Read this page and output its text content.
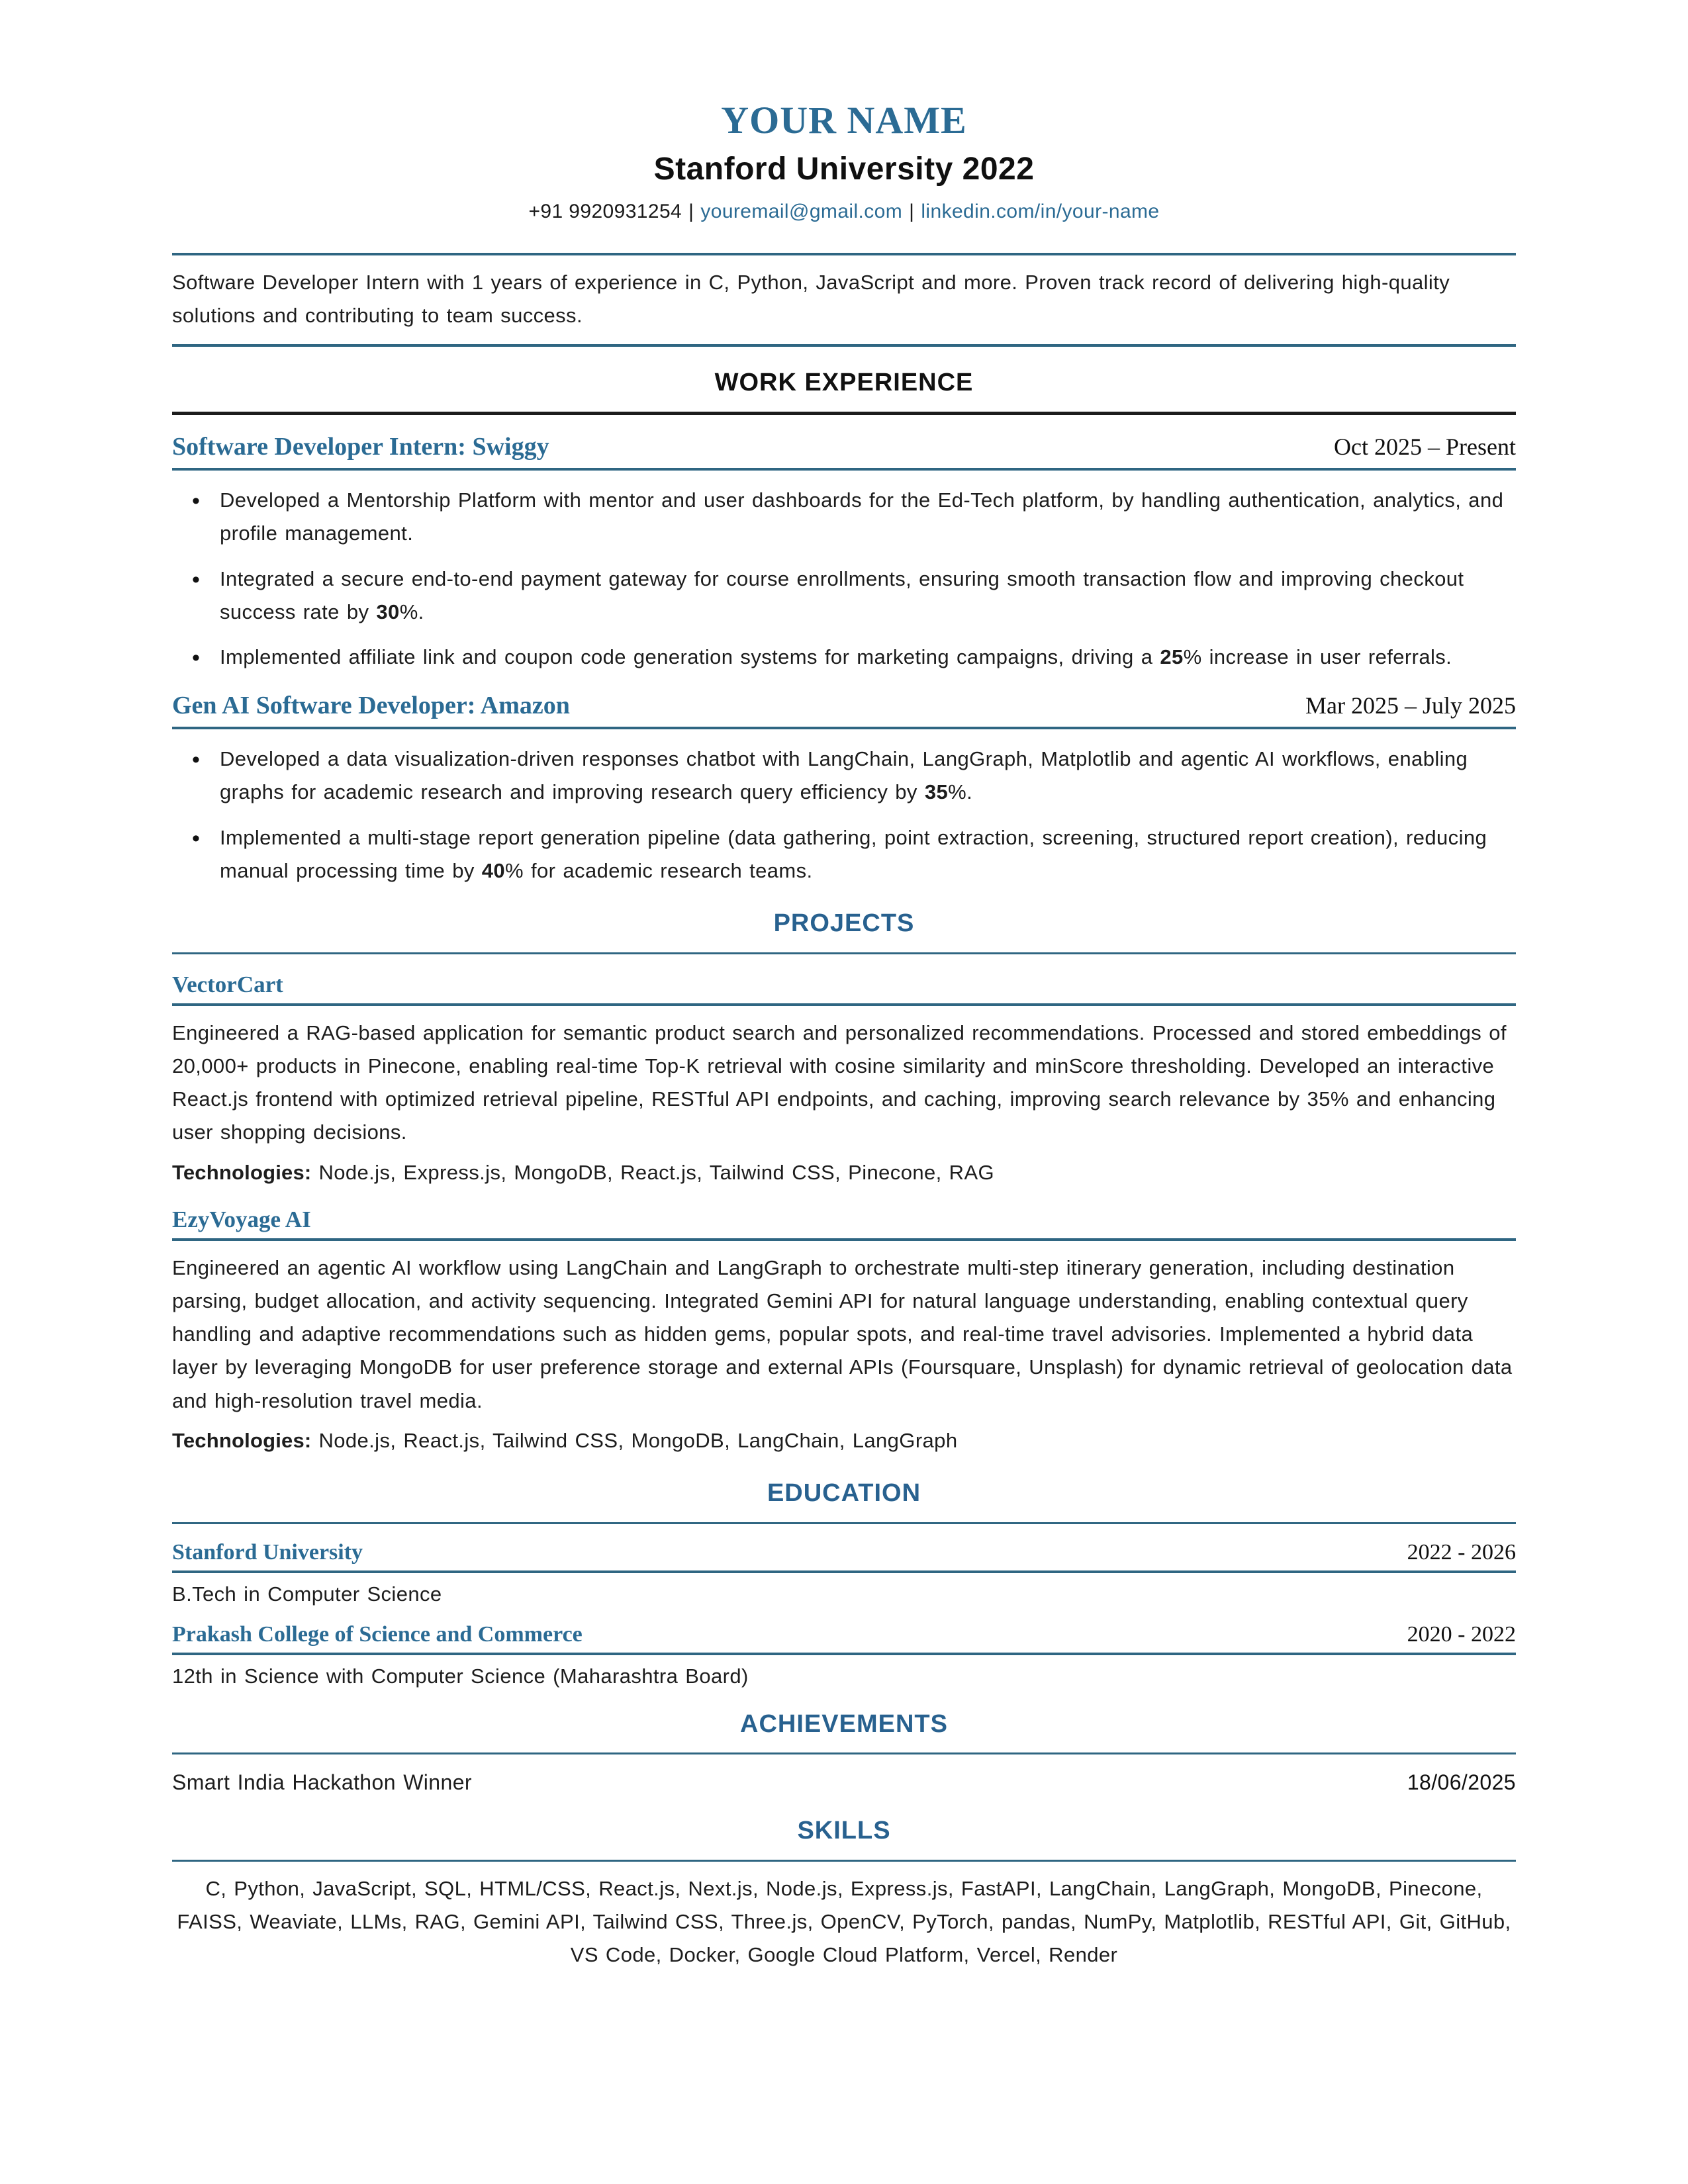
YOUR NAME
Stanford University 2022
+91 9920931254 | youremail@gmail.com | linkedin.com/in/your-name

Software Developer Intern with 1 years of experience in C, Python, JavaScript and more. Proven track record of delivering high-quality solutions and contributing to team success.

WORK EXPERIENCE
Software Developer Intern: Swiggy	Oct 2025 – Present
• Developed a Mentorship Platform with mentor and user dashboards for the Ed-Tech platform, by handling authentication, analytics, and profile management.
• Integrated a secure end-to-end payment gateway for course enrollments, ensuring smooth transaction flow and improving checkout success rate by 30%.
• Implemented affiliate link and coupon code generation systems for marketing campaigns, driving a 25% increase in user referrals.
Gen AI Software Developer: Amazon	Mar 2025 – July 2025
• Developed a data visualization-driven responses chatbot with LangChain, LangGraph, Matplotlib and agentic AI workflows, enabling graphs for academic research and improving research query efficiency by 35%.
• Implemented a multi-stage report generation pipeline (data gathering, point extraction, screening, structured report creation), reducing manual processing time by 40% for academic research teams.
PROJECTS
VectorCart

Engineered a RAG-based application for semantic product search and personalized recommendations. Processed and stored embeddings of 20,000+ products in Pinecone, enabling real-time Top-K retrieval with cosine similarity and minScore thresholding. Developed an interactive React.js frontend with optimized retrieval pipeline, RESTful API endpoints, and caching, improving search relevance by 35% and enhancing user shopping decisions.

Technologies: Node.js, Express.js, MongoDB, React.js, Tailwind CSS, Pinecone, RAG

EzyVoyage AI

Engineered an agentic AI workflow using LangChain and LangGraph to orchestrate multi-step itinerary generation, including destination parsing, budget allocation, and activity sequencing. Integrated Gemini API for natural language understanding, enabling contextual query handling and adaptive recommendations such as hidden gems, popular spots, and real-time travel advisories. Implemented a hybrid data layer by leveraging MongoDB for user preference storage and external APIs (Foursquare, Unsplash) for dynamic retrieval of geolocation data and high-resolution travel media.

Technologies: Node.js, React.js, Tailwind CSS, MongoDB, LangChain, LangGraph

EDUCATION
Stanford University	2022 - 2026

B.Tech in Computer Science

Prakash College of Science and Commerce	2020 - 2022

12th in Science with Computer Science (Maharashtra Board)

ACHIEVEMENTS
Smart India Hackathon Winner	18/06/2025
SKILLS

C, Python, JavaScript, SQL, HTML/CSS, React.js, Next.js, Node.js, Express.js, FastAPI, LangChain, LangGraph, MongoDB, Pinecone, FAISS, Weaviate, LLMs, RAG, Gemini API, Tailwind CSS, Three.js, OpenCV, PyTorch, pandas, NumPy, Matplotlib, RESTful API, Git, GitHub, VS Code, Docker, Google Cloud Platform, Vercel, Render
